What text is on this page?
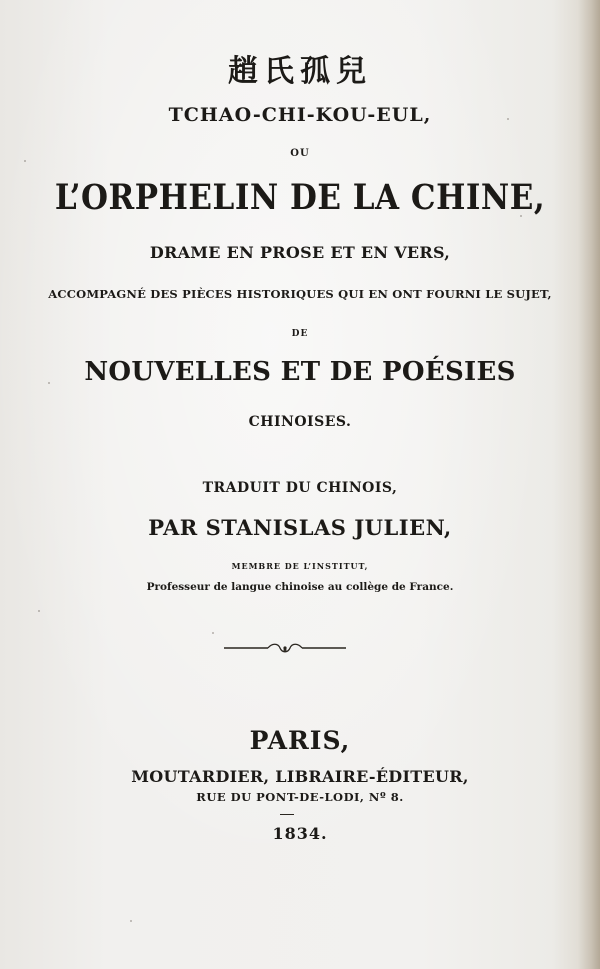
趙氏孤兒
TCHAO-CHI-KOU-EUL,
OU
L’ORPHELIN DE LA CHINE,
DRAME EN PROSE ET EN VERS,
ACCOMPAGNÉ DES PIÈCES HISTORIQUES QUI EN ONT FOURNI LE SUJET,
DE
NOUVELLES ET DE POÉSIES
CHINOISES.
TRADUIT DU CHINOIS,
PAR STANISLAS JULIEN,
MEMBRE DE L’INSTITUT,
Professeur de langue chinoise au collège de France.
PARIS,
MOUTARDIER, LIBRAIRE-ÉDITEUR,
RUE DU PONT-DE-LODI, Nº 8.
1834.
